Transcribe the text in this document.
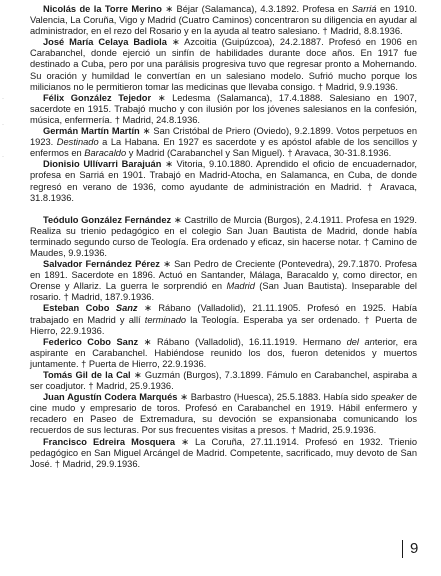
·
·
·

Nicolás de la Torre Merino ∗ Béjar (Salamanca), 4.3.1892. Profesa en Sarriá en 1910. Valencia, La Coruña, Vigo y Madrid (Cuatro Caminos) concentraron su diligencia en ayudar al administrador, en el rezo del Rosario y en la ayuda al teatro salesiano. † Madrid, 8.8.1936.

José María Celaya Badiola ∗ Azcoitia (Guipúzcoa), 24.2.1887. Profesó en 1906 en Carabanchel, donde ejerció un sinfín de habilidades durante doce años. En 1917 fue destinado a Cuba, pero por una parálisis progresiva tuvo que regresar pronto a Mohernando. Su oración y humildad le convertían en un salesiano modelo. Sufrió mucho porque los milicianos no le permitieron tomar las medicinas que llevaba consigo. † Madrid, 9.9.1936.

Félix González Tejedor ∗ Ledesma (Salamanca), 17.4.1888. Salesiano en 1907, sacerdote en 1915. Trabajó mucho y con ilusión por los jóvenes salesianos en la confesión, música, enfermería. † Madrid, 24.8.1936.

Germán Martín Martín ∗ San Cristóbal de Priero (Oviedo), 9.2.1899. Votos perpetuos en 1923. Destinado a La Habana. En 1927 es sacerdote y es apóstol afable de los sencillos y enfermos en Baracaldo y Madrid (Carabanchel y San Miguel). † Aravaca, 30-31.8.1936.

Dionisio Ullívarri Barajuán ∗ Vitoria, 9.10.1880. Aprendido el oficio de encuadernador, profesa en Sarriá en 1901. Trabajó en Madrid-Atocha, en Salamanca, en Cuba, de donde regresó en verano de 1936, como ayudante de administración en Madrid. † Aravaca, 31.8.1936.

Teódulo González Fernández ∗ Castrillo de Murcia (Burgos), 2.4.1911. Profesa en 1929. Realiza su trienio pedagógico en el colegio San Juan Bautista de Madrid, donde había terminado segundo curso de Teología. Era ordenado y eficaz, sin hacerse notar. † Camino de Maudes, 9.9.1936.

Salvador Fernández Pérez ∗ San Pedro de Creciente (Pontevedra), 29.7.1870. Profesa en 1891. Sacerdote en 1896. Actuó en Santander, Málaga, Baracaldo y, como director, en Orense y Allariz. La guerra le sorprendió en Madrid (San Juan Bautista). Inseparable del rosario. † Madrid, 187.9.1936.

Esteban Cobo Sanz ∗ Rábano (Valladolid), 21.11.1905. Profesó en 1925. Había trabajado en Madrid y allí terminado la Teología. Esperaba ya ser ordenado. † Puerta de Hierro, 22.9.1936.

Federico Cobo Sanz ∗ Rábano (Valladolid), 16.11.1919. Hermano del anterior, era aspirante en Carabanchel. Habiéndose reunido los dos, fueron detenidos y muertos juntamente. † Puerta de Hierro, 22.9.1936.

Tomás Gil de la Cal ∗ Guzmán (Burgos), 7.3.1899. Fámulo en Carabanchel, aspiraba a ser coadjutor. † Madrid, 25.9.1936.

Juan Agustín Codera Marqués ∗ Barbastro (Huesca), 25.5.1883. Había sido speaker de cine mudo y empresario de toros. Profesó en Carabanchel en 1919. Hábil enfermero y recadero en Paseo de Extremadura, su devoción se expansionaba comunicando los recuerdos de sus lecturas. Por sus frecuentes visitas a presos. † Madrid, 25.9.1936.

Francisco Edreira Mosquera ∗ La Coruña, 27.11.1914. Profesó en 1932. Trienio pedagógico en San Miguel Arcángel de Madrid. Competente, sacrificado, muy devoto de San José. † Madrid, 29.9.1936.

9
